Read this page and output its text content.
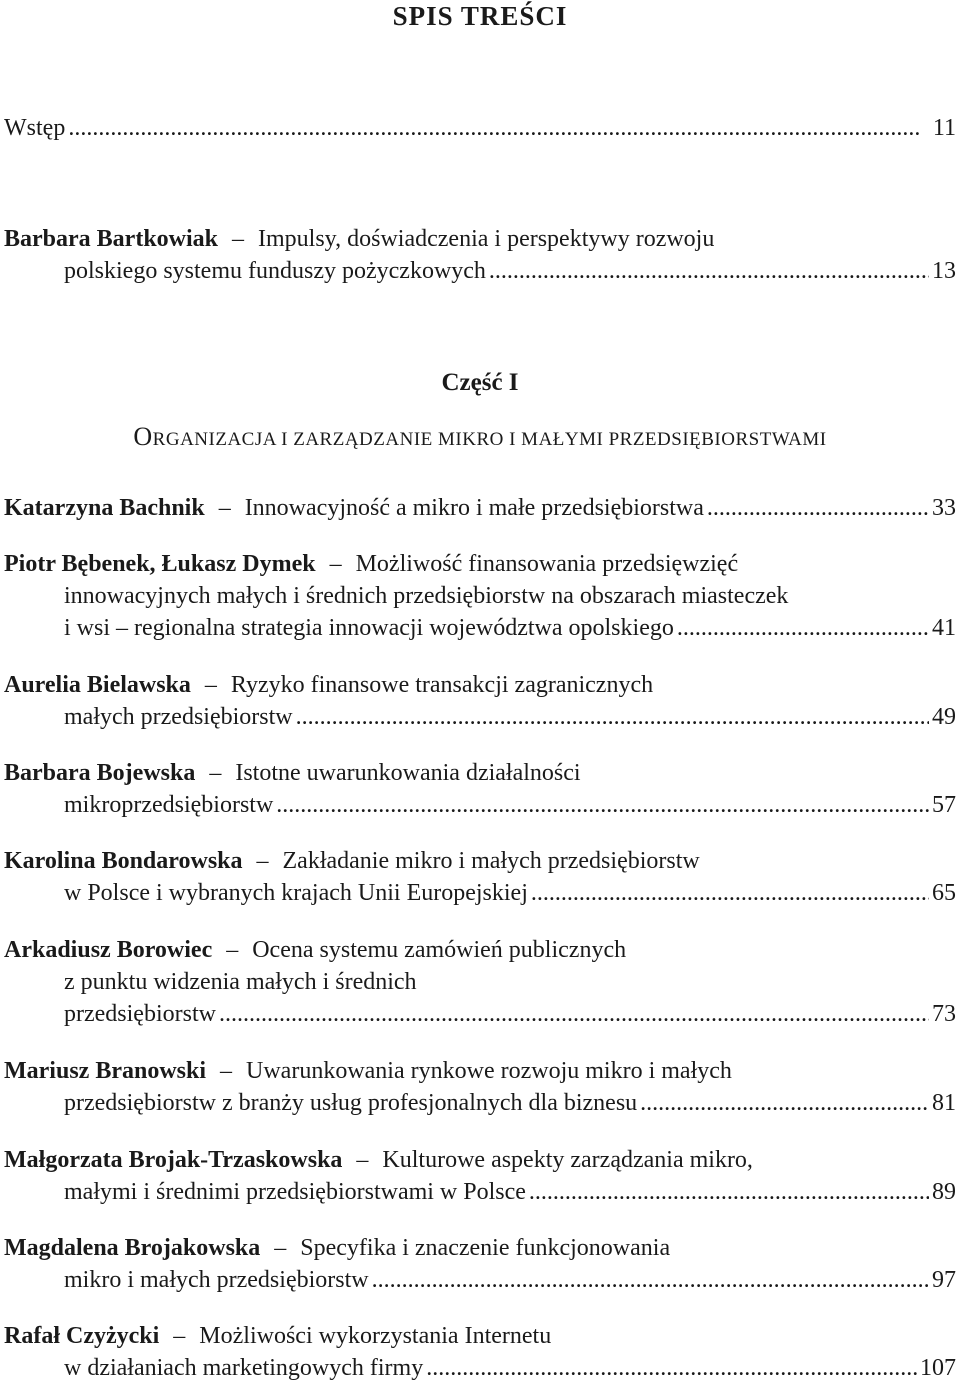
SPIS TREŚCI
Część I
ORGANIZACJA I ZARZĄDZANIE MIKRO I MAŁYMI PRZEDSIĘBIORSTWAMI
Wstęp . . .	11
Barbara Bartkowiak – Impulsy, doświadczenia i perspektywy rozwoju
polskiego systemu funduszy pożyczkowych . . .	13
Katarzyna Bachnik – Innowacyjność a mikro i małe przedsiębiorstwa . . .	33
Piotr Bębenek, Łukasz Dymek – Możliwość finansowania przedsięwzięć
innowacyjnych małych i średnich przedsiębiorstw na obszarach miasteczek
i wsi – regionalna strategia innowacji województwa opolskiego . . .	41
Aurelia Bielawska – Ryzyko finansowe transakcji zagranicznych
małych przedsiębiorstw . . .	49
Barbara Bojewska – Istotne uwarunkowania działalności
mikroprzedsiębiorstw . . .	57
Karolina Bondarowska – Zakładanie mikro i małych przedsiębiorstw
w Polsce i wybranych krajach Unii Europejskiej . . .	65
Arkadiusz Borowiec – Ocena systemu zamówień publicznych
z punktu widzenia małych i średnich
przedsiębiorstw . . .	73
Mariusz Branowski – Uwarunkowania rynkowe rozwoju mikro i małych
przedsiębiorstw z branży usług profesjonalnych dla biznesu . . .	81
Małgorzata Brojak-Trzaskowska – Kulturowe aspekty zarządzania mikro,
małymi i średnimi przedsiębiorstwami w Polsce . . .	89
Magdalena Brojakowska – Specyfika i znaczenie funkcjonowania
mikro i małych przedsiębiorstw . . .	97
Rafał Czyżycki – Możliwości wykorzystania Internetu
w działaniach marketingowych firmy . . .	107
